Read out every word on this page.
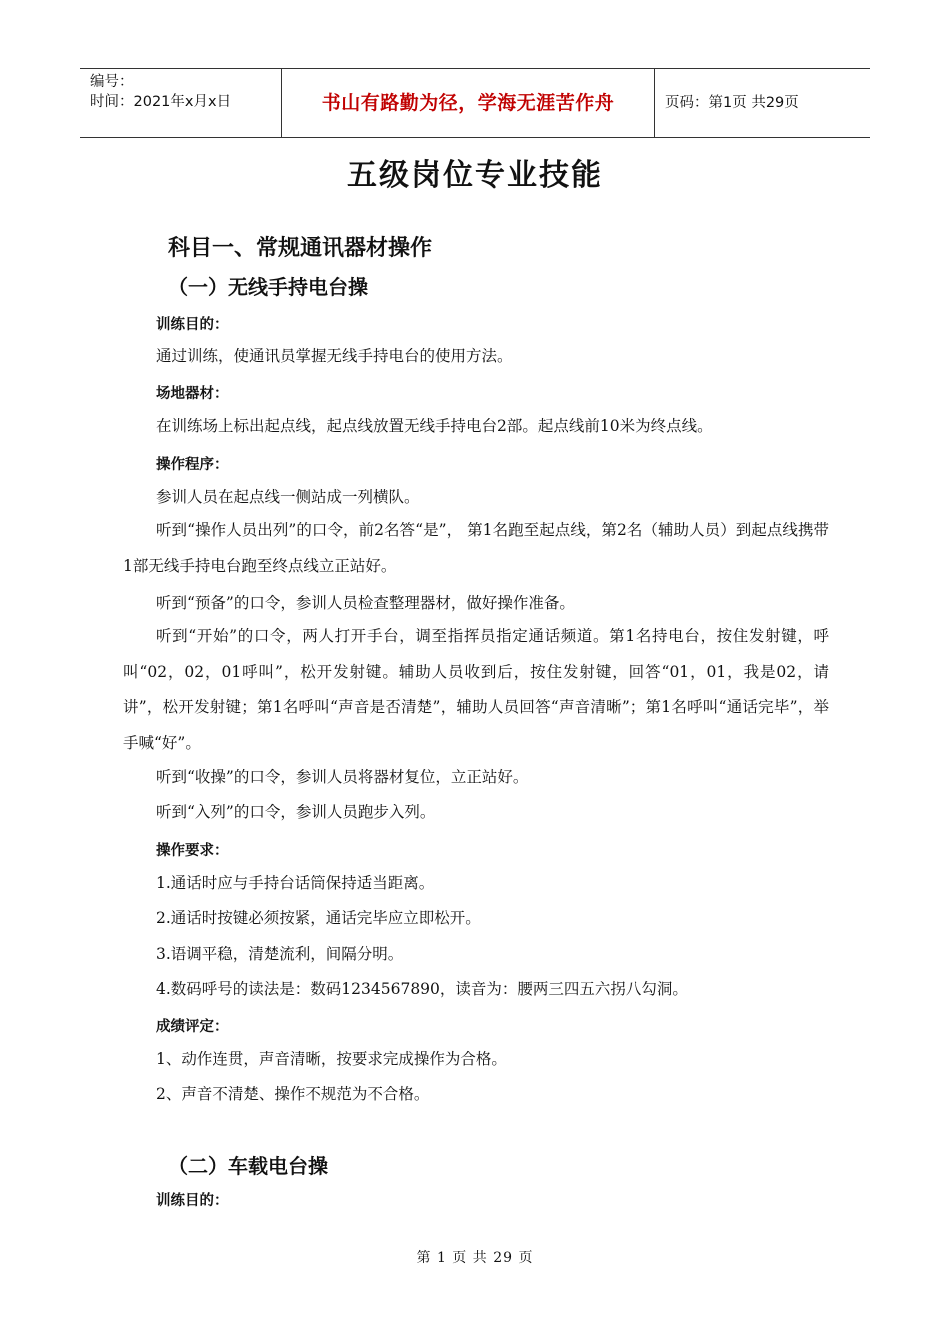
编号：
时间：2021年x月x日	书山有路勤为径，学海无涯苦作舟	页码：第1页 共29页
五级岗位专业技能
科目一、常规通讯器材操作
（一）无线手持电台操
训练目的：
通过训练，使通讯员掌握无线手持电台的使用方法。
场地器材：
在训练场上标出起点线，起点线放置无线手持电台2部。起点线前10米为终点线。
操作程序：
参训人员在起点线一侧站成一列横队。
听到“操作人员出列”的口令，前2名答“是”， 第1名跑至起点线，第2名（辅助人员）到起点线携带1部无线手持电台跑至终点线立正站好。
听到“预备”的口令，参训人员检查整理器材，做好操作准备。
听到“开始”的口令，两人打开手台，调至指挥员指定通话频道。第1名持电台，按住发射键，呼叫“02，02，01呼叫”，松开发射键。辅助人员收到后，按住发射键，回答“01，01，我是02，请讲”，松开发射键；第1名呼叫“声音是否清楚”，辅助人员回答“声音清晰”；第1名呼叫“通话完毕”，举手喊“好”。
听到“收操”的口令，参训人员将器材复位，立正站好。
听到“入列”的口令，参训人员跑步入列。
操作要求：
1.通话时应与手持台话筒保持适当距离。
2.通话时按键必须按紧，通话完毕应立即松开。
3.语调平稳，清楚流利，间隔分明。
4.数码呼号的读法是：数码1234567890，读音为：腰两三四五六拐八勾洞。
成绩评定：
1、动作连贯，声音清晰，按要求完成操作为合格。
2、声音不清楚、操作不规范为不合格。
（二）车载电台操
训练目的：
第 1 页 共 29 页
